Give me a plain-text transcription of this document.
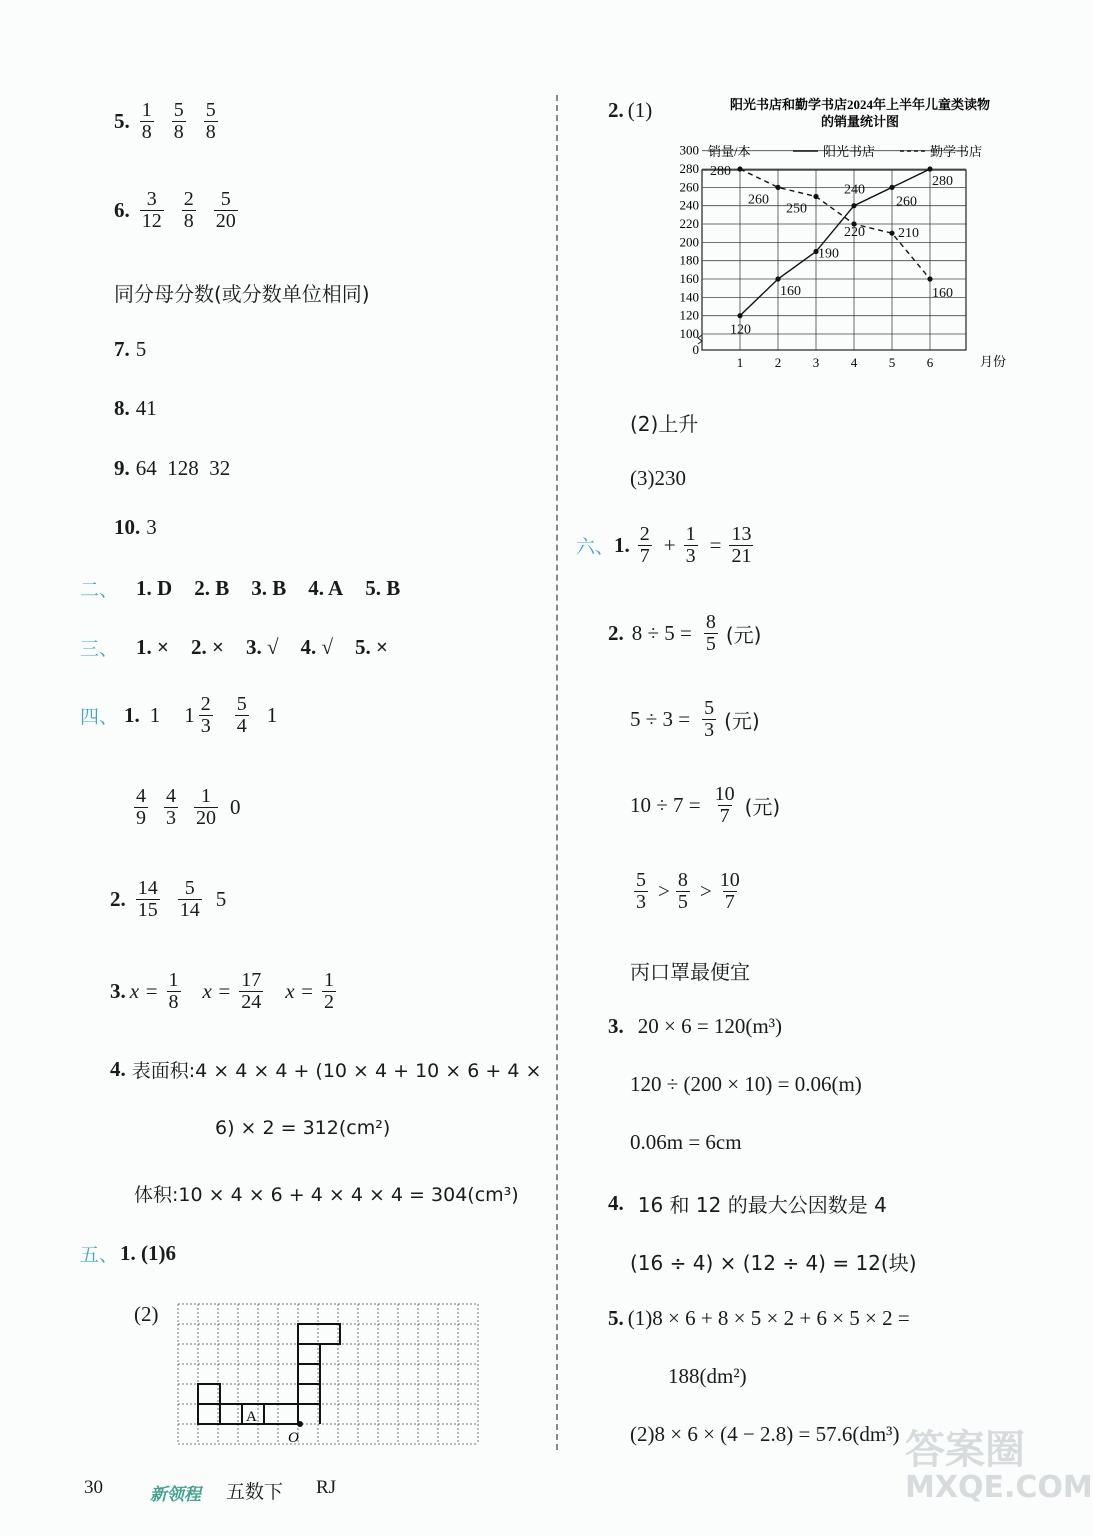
5. $\frac{1}{8} \frac{5}{8} \frac{5}{8}$
6. $\frac{3}{12} \frac{2}{8} \frac{5}{20}$
同分母分数(或分数单位相同)
7. 5
8. 41
9. 64  128  32
10. 3
二、 1. D 2. B 3. B 4. A 5. B
三、 1. × 2. × 3. √ 4. √ 5. ×
四、 1. 1 $1 \frac{2}{3} \frac{5}{4} 1$
$\frac{4}{9} \frac{4}{3} \frac{1}{20} 0$
2. $\frac{14}{15} \frac{5}{14} 5$
3. $x = \frac{1}{8}$ $x = \frac{17}{24}$ $x = \frac{1}{2}$
4. 表面积:4 × 4 × 4 + (10 × 4 + 10 × 6 + 4 ×
6) × 2 = 312(cm²)
体积:10 × 4 × 6 + 4 × 4 × 4 = 304(cm³)
五、 1. (1)6
(2)
A
O
2. (1)	阳光书店和勤学书店2024年上半年儿童类读物
的销量统计图
0
100
120
140
160
180
200
220
240
260
280
300
1 2 3 4 5 6
销量/本	阳光书店	勤学书店
月份
120
160
190
240
260
280
280
260
250
220 210
160
(2)上升
(3)230
六、 1. $\frac{2}{7} + \frac{1}{3} = \frac{13}{21}$
2. $8 \div 5 = \frac{8}{5}$ (元)
$5 \div 3 = \frac{5}{3}$ (元)
$10 \div 7 = \frac{10}{7}$ (元)
$\frac{5}{3} > \frac{8}{5} > \frac{10}{7}$
丙口罩最便宜
3. 20 × 6 = 120(m³)
120 ÷ (200 × 10) = 0.06(m)
0.06m = 6cm
4. 16 和 12 的最大公因数是 4
(16 ÷ 4) × (12 ÷ 4) = 12(块)
5. (1)8 × 6 + 8 × 5 × 2 + 6 × 5 × 2 =
188(dm²)
(2)8 × 6 × (4 − 2.8) = 57.6(dm³)
30	新领程 五数下 RJ
答案圈
MXQE.COM
